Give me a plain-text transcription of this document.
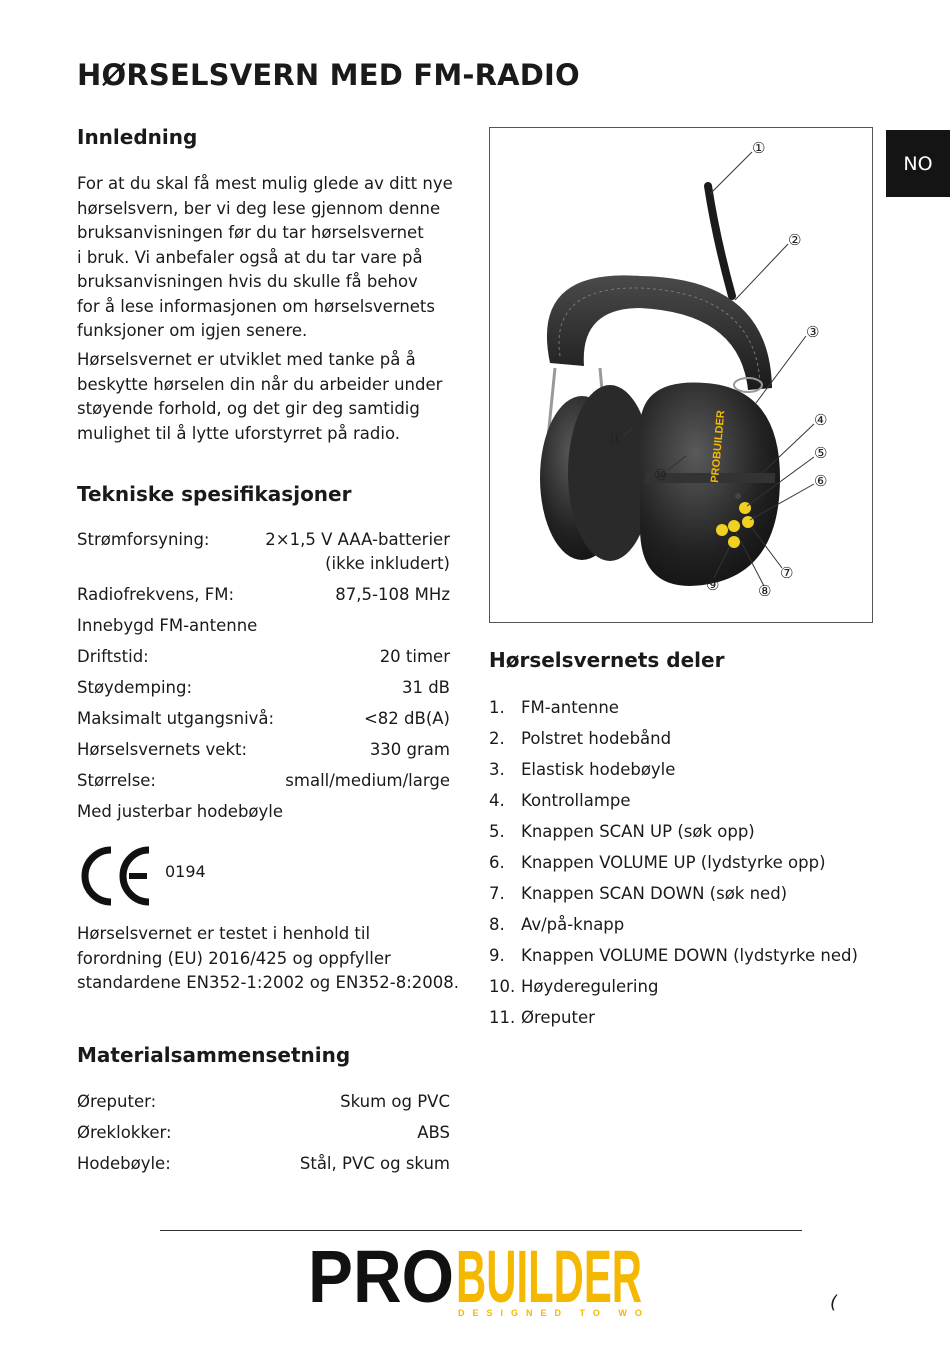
HØRSELSVERN MED FM-RADIO
NO
Innledning
For at du skal få mest mulig glede av ditt nye
hørselsvern, ber vi deg lese gjennom denne
bruksanvisningen før du tar hørselsvernet
i bruk. Vi anbefaler også at du tar vare på
bruksanvisningen hvis du skulle få behov
for å lese informasjonen om hørselsvernets
funksjoner om igjen senere.
Hørselsvernet er utviklet med tanke på å
beskytte hørselen din når du arbeider under
støyende forhold, og det gir deg samtidig
mulighet til å lytte uforstyrret på radio.
Tekniske spesifikasjoner
Strømforsyning:	2×1,5 V AAA-batterier
(ikke inkludert)
Radiofrekvens, FM:	87,5-108 MHz
Innebygd FM-antenne
Driftstid:	20 timer
Støydemping:	31 dB
Maksimalt utgangsnivå:	<82 dB(A)
Hørselsvernets vekt:	330 gram
Størrelse:	small/medium/large
Med justerbar hodebøyle
0194
Hørselsvernet er testet i henhold til
forordning (EU) 2016/425 og oppfyller
standardene EN352-1:2002 og EN352-8:2008.
Materialsammensetning
Øreputer:	Skum og PVC
Øreklokker:	ABS
Hodebøyle:	Stål, PVC og skum
PROBUILDER
①
②
③
④
⑤
⑥
⑦
⑧
⑨
⑩
⑪
Hørselsvernets deler
1. FM-antenne
2. Polstret hodebånd
3. Elastisk hodebøyle
4. Kontrollampe
5. Knappen SCAN UP (søk opp)
6. Knappen VOLUME UP (lydstyrke opp)
7. Knappen SCAN DOWN (søk ned)
8. Av/på-knapp
9. Knappen VOLUME DOWN (lydstyrke ned)
10. Høyderegulering
11. Øreputer
PRO BUILDER
DESIGNED TO WO	(
